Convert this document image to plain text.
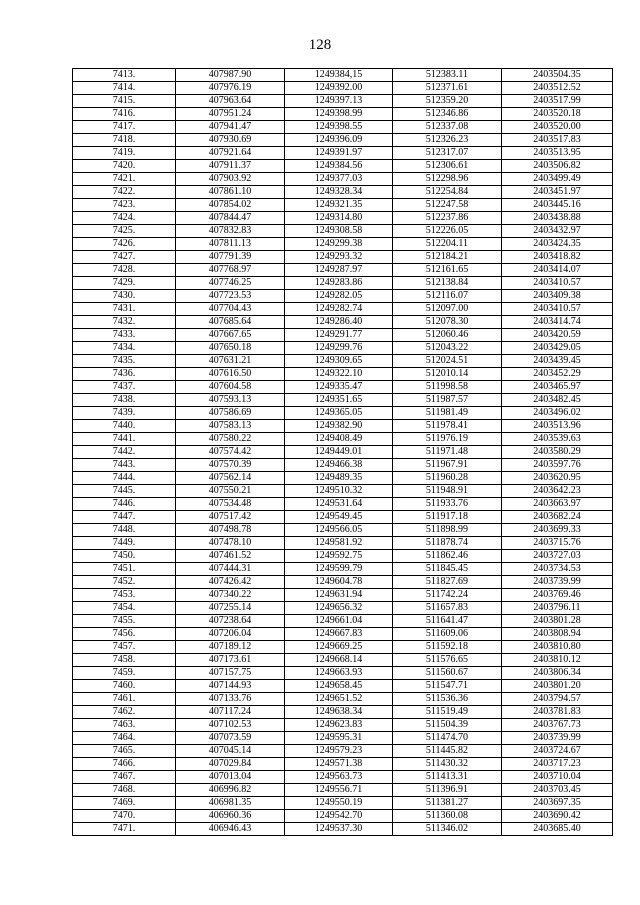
128
7413.	407987.90	1249384,15	512383.11	2403504.35
7414.	407976.19	1249392.00	512371.61	2403512.52
7415.	407963.64	1249397.13	512359.20	2403517.99
7416.	407951.24	1249398.99	512346.86	2403520.18
7417.	407941.47	1249398.55	512337.08	2403520.00
7418.	407930.69	1249396.09	512326.23	2403517.83
7419.	407921.64	1249391.97	512317.07	2403513.95
7420.	407911.37	1249384.56	512306.61	2403506.82
7421.	407903.92	1249377.03	512298.96	2403499.49
7422.	407861.10	1249328.34	512254.84	2403451.97
7423.	407854.02	1249321.35	512247.58	2403445.16
7424.	407844.47	1249314.80	512237.86	2403438.88
7425.	407832.83	1249308.58	512226.05	2403432.97
7426.	407811.13	1249299.38	512204.11	2403424.35
7427.	407791.39	1249293.32	512184.21	2403418.82
7428.	407768.97	1249287.97	512161.65	2403414.07
7429.	407746.25	1249283.86	512138.84	2403410.57
7430.	407723.53	1249282.05	512116.07	2403409.38
7431.	407704.43	1249282.74	512097.00	2403410.57
7432.	407685.64	1249286.40	512078.30	2403414.74
7433.	407667.65	1249291.77	512060.46	2403420.59
7434.	407650.18	1249299.76	512043.22	2403429.05
7435.	407631.21	1249309.65	512024.51	2403439.45
7436.	407616.50	1249322.10	512010.14	2403452.29
7437.	407604.58	1249335.47	511998.58	2403465.97
7438.	407593.13	1249351.65	511987.57	2403482.45
7439.	407586.69	1249365.05	511981.49	2403496.02
7440.	407583.13	1249382.90	511978.41	2403513.96
7441.	407580.22	1249408.49	511976.19	2403539.63
7442.	407574.42	1249449.01	511971.48	2403580.29
7443.	407570.39	1249466.38	511967.91	2403597.76
7444.	407562.14	1249489.35	511960.28	2403620.95
7445.	407550.21	1249510.32	511948.91	2403642.23
7446.	407534.48	1249531.64	511933.76	2403663.97
7447.	407517.42	1249549.45	511917.18	2403682.24
7448.	407498.78	1249566.05	511898.99	2403699.33
7449.	407478.10	1249581.92	511878.74	2403715.76
7450.	407461.52	1249592.75	511862.46	2403727.03
7451.	407444.31	1249599.79	511845.45	2403734.53
7452.	407426.42	1249604.78	511827.69	2403739.99
7453.	407340.22	1249631.94	511742.24	2403769.46
7454.	407255.14	1249656.32	511657.83	2403796.11
7455.	407238.64	1249661.04	511641.47	2403801.28
7456.	407206.04	1249667.83	511609.06	2403808.94
7457.	407189.12	1249669.25	511592.18	2403810.80
7458.	407173.61	1249668.14	511576.65	2403810.12
7459.	407157.75	1249663.93	511560.67	2403806.34
7460.	407144.93	1249658.45	511547.71	2403801.20
7461.	407133.76	1249651.52	511536.36	2403794.57
7462.	407117.24	1249638.34	511519.49	2403781.83
7463.	407102.53	1249623.83	511504.39	2403767.73
7464.	407073.59	1249595.31	511474.70	2403739.99
7465.	407045.14	1249579.23	511445.82	2403724.67
7466.	407029.84	1249571.38	511430.32	2403717.23
7467.	407013.04	1249563.73	511413.31	2403710.04
7468.	406996.82	1249556.71	511396.91	2403703.45
7469.	406981.35	1249550.19	511381.27	2403697.35
7470.	406960.36	1249542.70	511360.08	2403690.42
7471.	406946.43	1249537.30	511346.02	2403685.40
